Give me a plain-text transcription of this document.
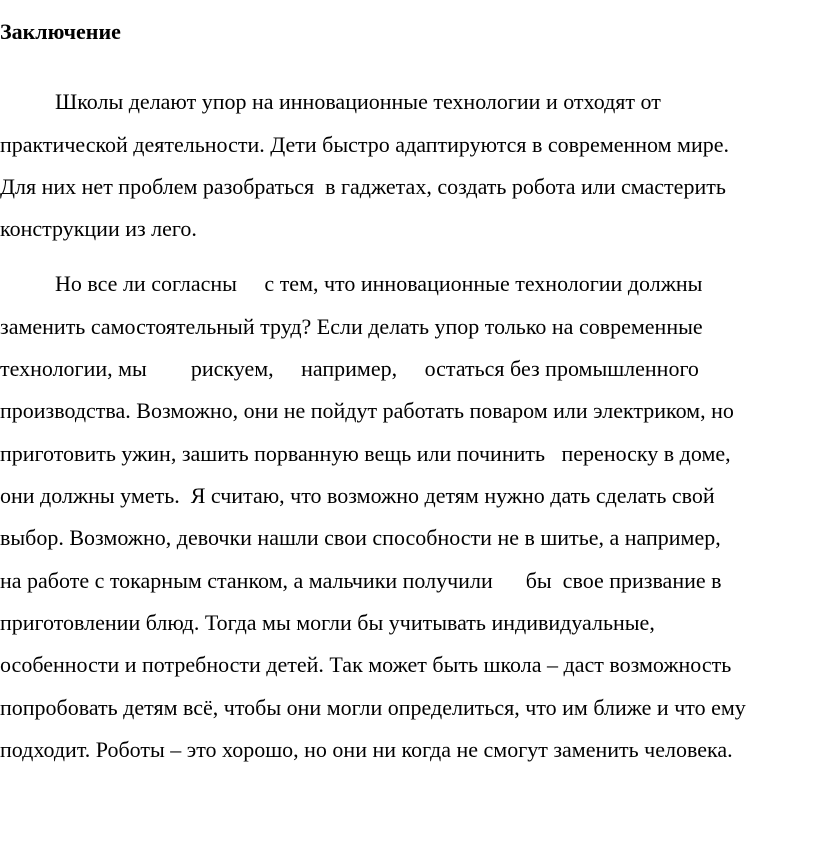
Заключение
Школы делают упор на инновационные технологии и отходят от
практической деятельности. Дети быстро адаптируются в современном мире.
Для них нет проблем разобраться  в гаджетах, создать робота или смастерить
конструкции из лего.
Но все ли согласны     с тем, что инновационные технологии должны
заменить самостоятельный труд? Если делать упор только на современные
технологии, мы        рискуем,     например,     остаться без промышленного
производства. Возможно, они не пойдут работать поваром или электриком, но
приготовить ужин, зашить порванную вещь или починить   переноску в доме,
они должны уметь.  Я считаю, что возможно детям нужно дать сделать свой
выбор. Возможно, девочки нашли свои способности не в шитье, а например,
на работе с токарным станком, а мальчики получили      бы  свое призвание в
приготовлении блюд. Тогда мы могли бы учитывать индивидуальные,
особенности и потребности детей. Так может быть школа – даст возможность
попробовать детям всё, чтобы они могли определиться, что им ближе и что ему
подходит. Роботы – это хорошо, но они ни когда не смогут заменить человека.
